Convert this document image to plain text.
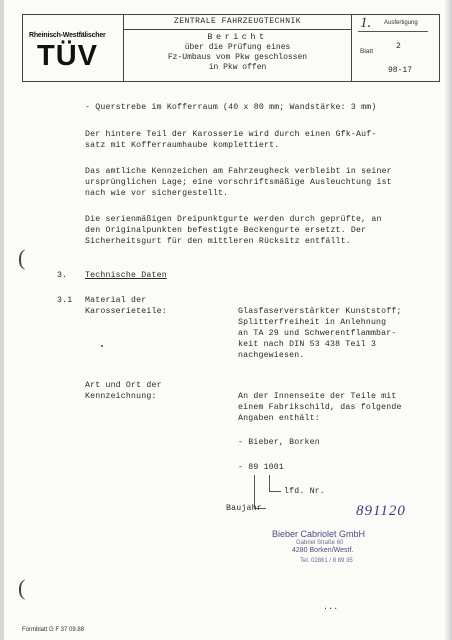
Rheinisch-Westfälischer
TÜV
ZENTRALE FAHRZEUGTECHNIK
Bericht
über die Prüfung eines
Fz-Umbaus vom Pkw geschlossen
in Pkw offen
1. Ausfertigung
Blatt
2
98-17
- Querstrebe im Kofferraum (40 x 80 mm; Wandstärke: 3 mm)
Der hintere Teil der Karosserie wird durch einen Gfk-Auf-
satz mit Kofferraumhaube komplettiert.
Das amtliche Kennzeichen am Fahrzeugheck verbleibt in seiner
ursprünglichen Lage; eine vorschriftsmäßige Ausleuchtung ist
nach wie vor sichergestellt.
Die serienmäßigen Dreipunktgurte werden durch geprüfte, an
den Originalpunkten befestigte Beckengurte ersetzt. Der
Sicherheitsgurt für den mittleren Rücksitz entfällt.
(
3. Technische Daten
3.1 Material der
Karosserieteile:	Glasfaserverstärkter Kunststoff;
Splitterfreiheit in Anlehnung
an TA 29 und Schwerentflammbar-
keit nach DIN 53 438 Teil 3
nachgewiesen.
Art und Ort der
Kennzeichnung:	An der Innenseite der Teile mit
einem Fabrikschild, das folgende
Angaben enthält:
- Bieber, Borken
- 89 1001
lfd. Nr.
Baujahr	891120
Bieber Cabriolet GmbH
Gabriel Straße 60
4280 Borken/Westf.
Tel. 02861 / 8 89 35
(
...
Formblatt G F 37 09.88
